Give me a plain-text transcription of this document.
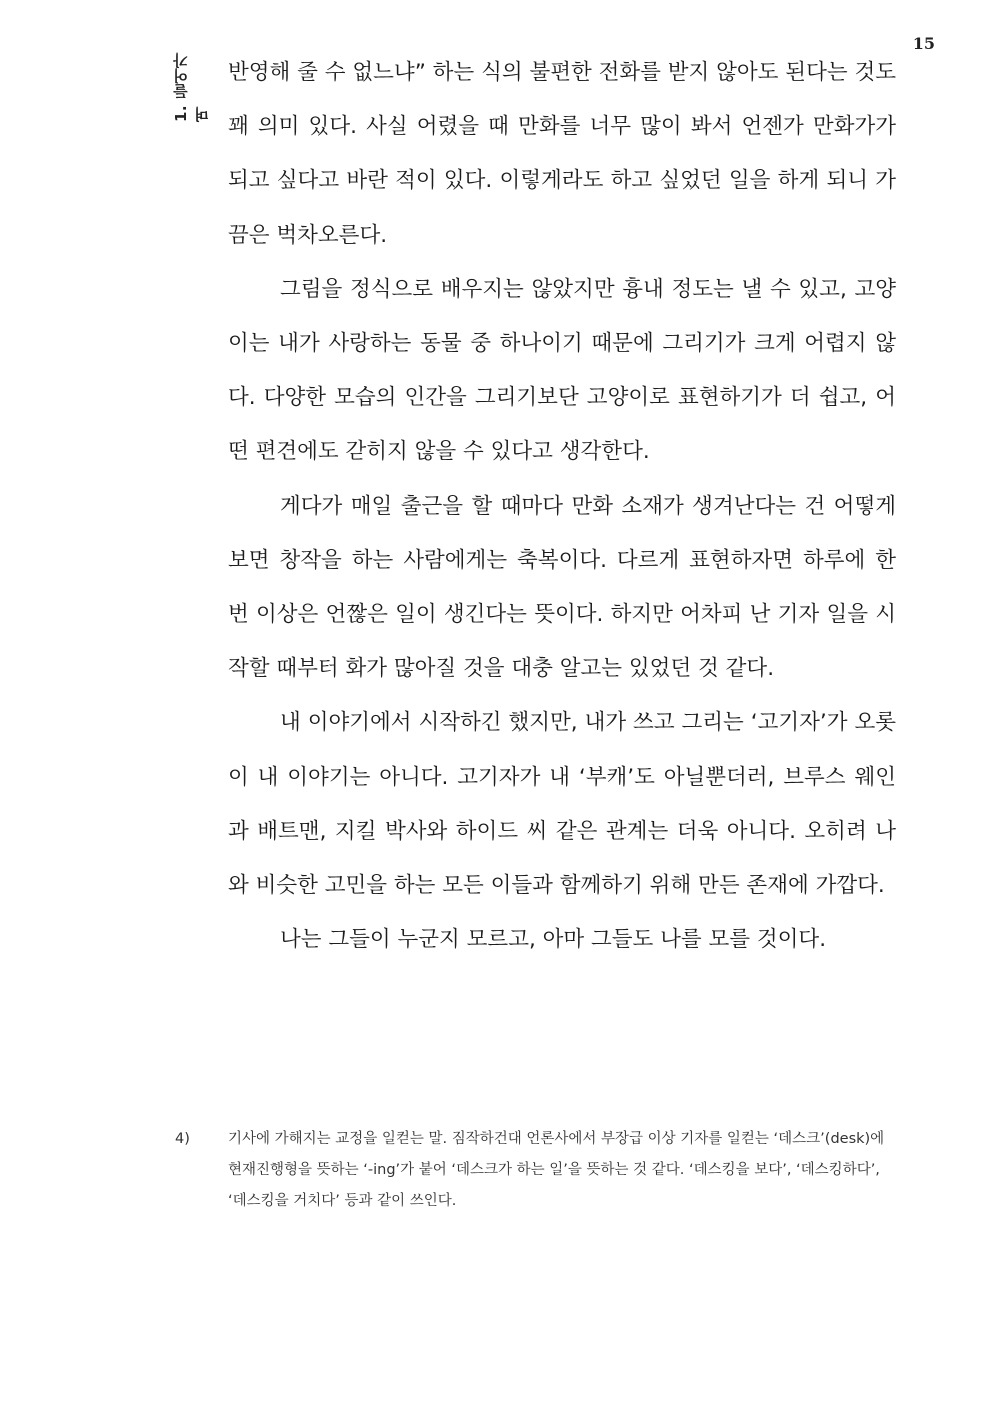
15
1. 들어가며

반영해 줄 수 없느냐” 하는 식의 불편한 전화를 받지 않아도 된다는 것도 꽤 의미 있다. 사실 어렸을 때 만화를 너무 많이 봐서 언젠가 만화가가 되고 싶다고 바란 적이 있다. 이렇게라도 하고 싶었던 일을 하게 되니 가끔은 벅차오른다.

그림을 정식으로 배우지는 않았지만 흉내 정도는 낼 수 있고, 고양이는 내가 사랑하는 동물 중 하나이기 때문에 그리기가 크게 어렵지 않다. 다양한 모습의 인간을 그리기보단 고양이로 표현하기가 더 쉽고, 어떤 편견에도 갇히지 않을 수 있다고 생각한다.

게다가 매일 출근을 할 때마다 만화 소재가 생겨난다는 건 어떻게 보면 창작을 하는 사람에게는 축복이다. 다르게 표현하자면 하루에 한 번 이상은 언짢은 일이 생긴다는 뜻이다. 하지만 어차피 난 기자 일을 시작할 때부터 화가 많아질 것을 대충 알고는 있었던 것 같다.

내 이야기에서 시작하긴 했지만, 내가 쓰고 그리는 ‘고기자’가 오롯이 내 이야기는 아니다. 고기자가 내 ‘부캐’도 아닐뿐더러, 브루스 웨인과 배트맨, 지킬 박사와 하이드 씨 같은 관계는 더욱 아니다. 오히려 나와 비슷한 고민을 하는 모든 이들과 함께하기 위해 만든 존재에 가깝다.

나는 그들이 누군지 모르고, 아마 그들도 나를 모를 것이다.

4)	기사에 가해지는 교정을 일컫는 말. 짐작하건대 언론사에서 부장급 이상 기자를 일컫는 ‘데스크’(desk)에 현재진행형을 뜻하는 ‘-ing’가 붙어 ‘데스크가 하는 일’을 뜻하는 것 같다. ‘데스킹을 보다’, ‘데스킹하다’, ‘데스킹을 거치다’ 등과 같이 쓰인다.
